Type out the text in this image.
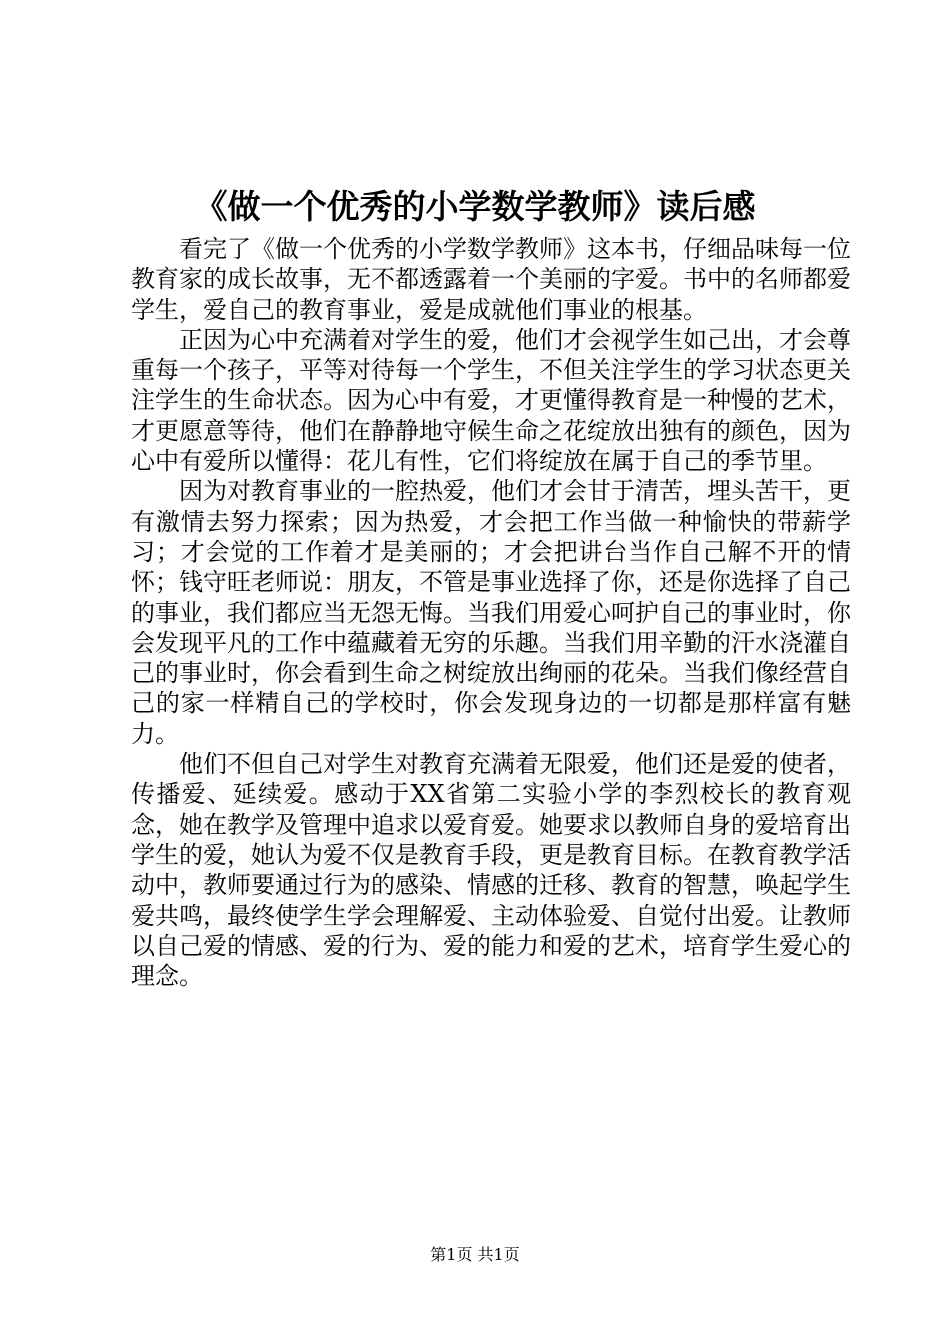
《做一个优秀的小学数学教师》读后感

看完了《做一个优秀的小学数学教师》这本书，仔细品味每一位教育家的成长故事，无不都透露着一个美丽的字爱。书中的名师都爱学生，爱自己的教育事业，爱是成就他们事业的根基。

正因为心中充满着对学生的爱，他们才会视学生如己出，才会尊重每一个孩子，平等对待每一个学生，不但关注学生的学习状态更关注学生的生命状态。因为心中有爱，才更懂得教育是一种慢的艺术，才更愿意等待，他们在静静地守候生命之花绽放出独有的颜色，因为心中有爱所以懂得：花儿有性，它们将绽放在属于自己的季节里。

因为对教育事业的一腔热爱，他们才会甘于清苦，埋头苦干，更有激情去努力探索；因为热爱，才会把工作当做一种愉快的带薪学习；才会觉的工作着才是美丽的；才会把讲台当作自己解不开的情怀；钱守旺老师说：朋友，不管是事业选择了你，还是你选择了自己的事业，我们都应当无怨无悔。当我们用爱心呵护自己的事业时，你会发现平凡的工作中蕴藏着无穷的乐趣。当我们用辛勤的汗水浇灌自己的事业时，你会看到生命之树绽放出绚丽的花朵。当我们像经营自己的家一样精自己的学校时，你会发现身边的一切都是那样富有魅力。

他们不但自己对学生对教育充满着无限爱，他们还是爱的使者，传播爱、延续爱。感动于XX省第二实验小学的李烈校长的教育观念，她在教学及管理中追求以爱育爱。她要求以教师自身的爱培育出学生的爱，她认为爱不仅是教育手段，更是教育目标。在教育教学活动中，教师要通过行为的感染、情感的迁移、教育的智慧，唤起学生爱共鸣，最终使学生学会理解爱、主动体验爱、自觉付出爱。让教师以自己爱的情感、爱的行为、爱的能力和爱的艺术，培育学生爱心的理念。

第1页 共1页
